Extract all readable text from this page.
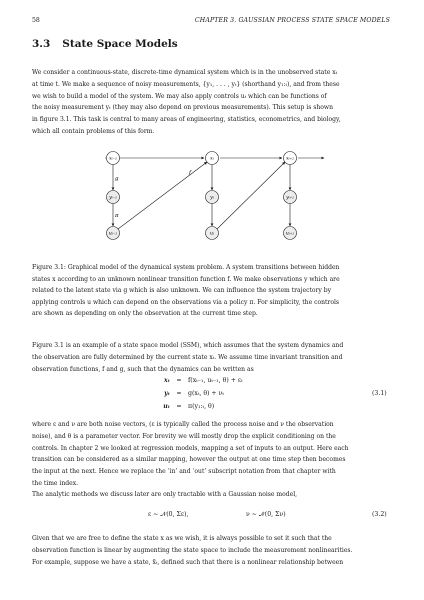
58	CHAPTER 3. GAUSSIAN PROCESS STATE SPACE MODELS
3.3 State Space Models

We consider a continuous-state, discrete-time dynamical system which is in the unobserved state xₜ
at time t. We make a sequence of noisy measurements, {y₁, . . . , yₜ} (shorthand y₁:ₜ), and from these
we wish to build a model of the system. We may also apply controls uₜ which can be functions of
the noisy measurement yₜ (they may also depend on previous measurements). This setup is shown
in figure 3.1. This task is central to many areas of engineering, statistics, econometrics, and biology,
which all contain problems of this form.

xₜ₋₁	xₜ	xₜ₊₁
yₜ₋₁	yₜ	yₜ₊₁
uₜ₋₁	uₜ	uₜ₊₁
f
g
π

Figure 3.1: Graphical model of the dynamical system problem. A system transitions between hidden
states x according to an unknown nonlinear transition function f. We make observations y which are
related to the latent state via g which is also unknown. We can influence the system trajectory by
applying controls u which can depend on the observations via a policy π. For simplicity, the controls
are shown as depending on only the observation at the current time step.

Figure 3.1 is an example of a state space model (SSM), which assumes that the system dynamics and
the observation are fully determined by the current state xₜ. We assume time invariant transition and
observation functions, f and g, such that the dynamics can be written as

xₜ	=	f(xₜ₋₁, uₜ₋₁, θ) + εₜ
yₜ	=	g(xₜ, θ) + νₜ	(3.1)
uₜ	=	π(y₁:ₜ, θ)

where ε and ν are both noise vectors, (ε is typically called the process noise and ν the observation
noise), and θ is a parameter vector. For brevity we will mostly drop the explicit conditioning on the
controls. In chapter 2 we looked at regression models, mapping a set of inputs to an output. Here each
transition can be considered as a similar mapping, however the output at one time step then becomes
the input at the next. Hence we replace the ‘in’ and ‘out’ subscript notation from that chapter with
the time index.

The analytic methods we discuss later are only tractable with a Gaussian noise model,

ε ~ 𝒩(0, Σε),	ν ~ 𝒩(0, Σν)	(3.2)

Given that we are free to define the state x as we wish, it is always possible to set it such that the
observation function is linear by augmenting the state space to include the measurement nonlinearities.
For example, suppose we have a state, x̃ₜ, defined such that there is a nonlinear relationship between
